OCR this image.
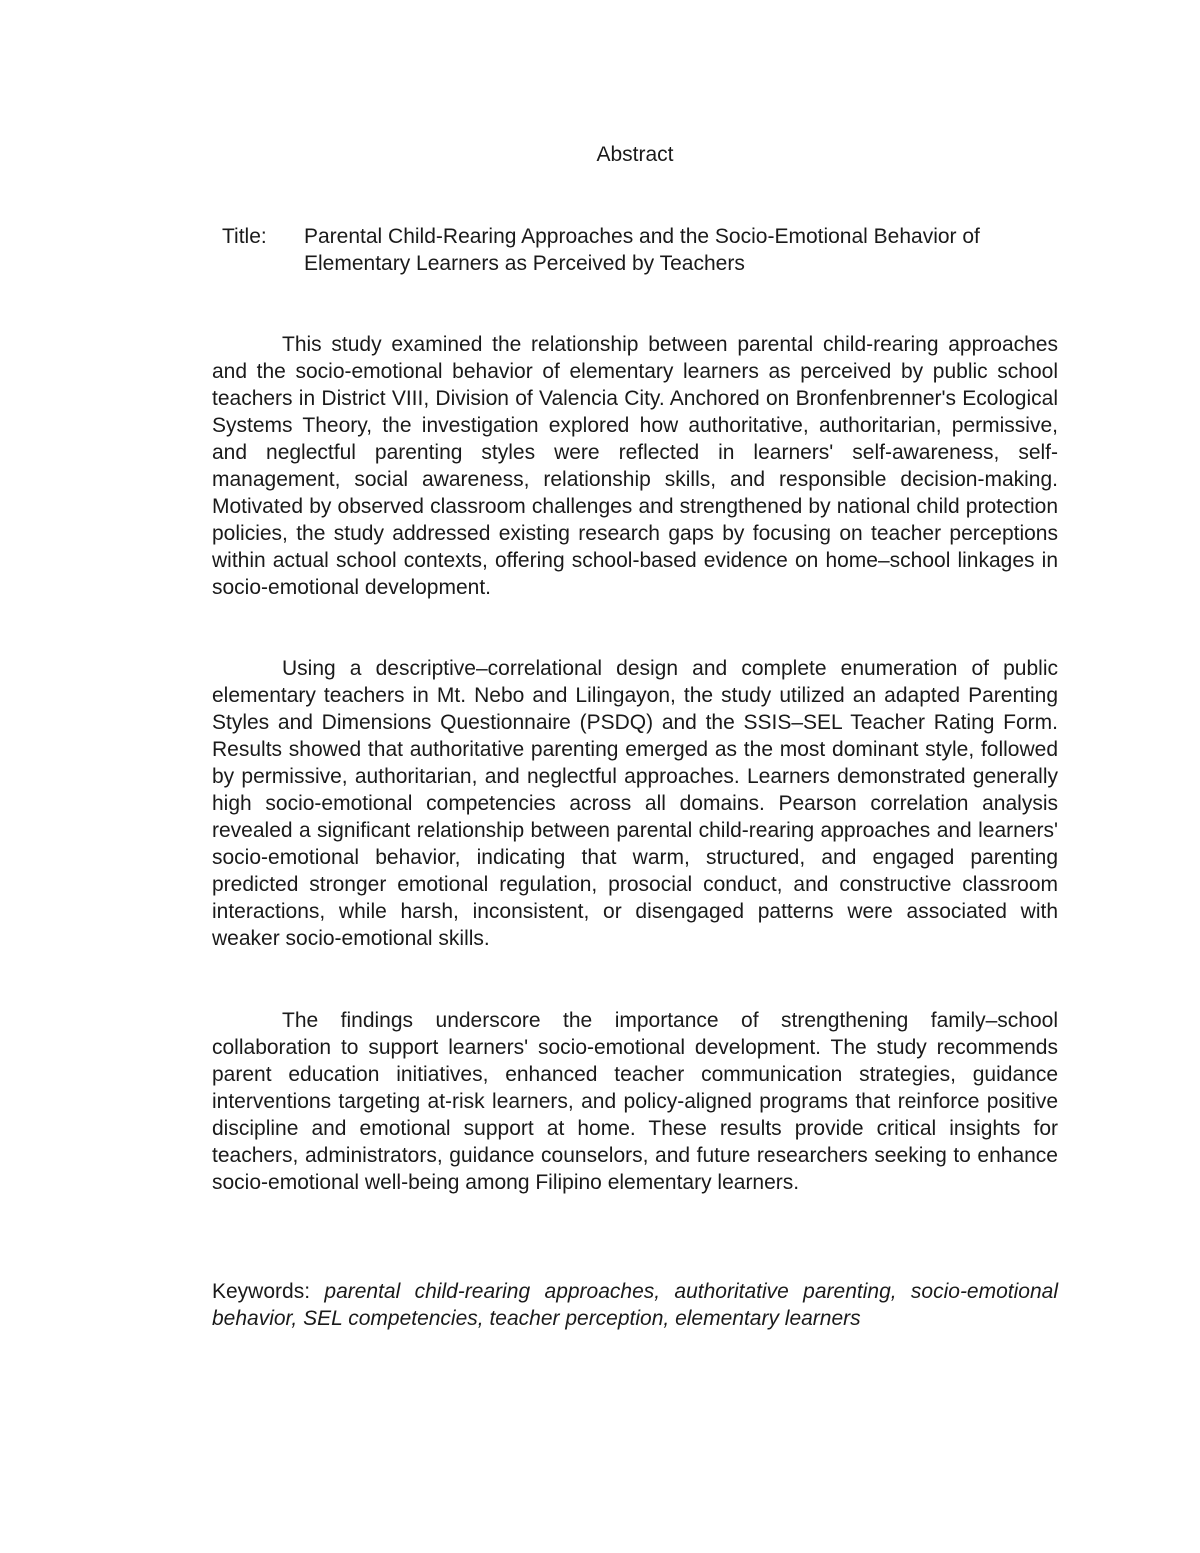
Abstract
Title: Parental Child-Rearing Approaches and the Socio-Emotional Behavior of Elementary Learners as Perceived by Teachers

This study examined the relationship between parental child-rearing approaches and the socio-emotional behavior of elementary learners as perceived by public school teachers in District VIII, Division of Valencia City. Anchored on Bronfenbrenner's Ecological Systems Theory, the investigation explored how authoritative, authoritarian, permissive, and neglectful parenting styles were reflected in learners' self-awareness, self-management, social awareness, relationship skills, and responsible decision-making. Motivated by observed classroom challenges and strengthened by national child protection policies, the study addressed existing research gaps by focusing on teacher perceptions within actual school contexts, offering school-based evidence on home–school linkages in socio-emotional development.

Using a descriptive–correlational design and complete enumeration of public elementary teachers in Mt. Nebo and Lilingayon, the study utilized an adapted Parenting Styles and Dimensions Questionnaire (PSDQ) and the SSIS–SEL Teacher Rating Form. Results showed that authoritative parenting emerged as the most dominant style, followed by permissive, authoritarian, and neglectful approaches. Learners demonstrated generally high socio-emotional competencies across all domains. Pearson correlation analysis revealed a significant relationship between parental child-rearing approaches and learners' socio-emotional behavior, indicating that warm, structured, and engaged parenting predicted stronger emotional regulation, prosocial conduct, and constructive classroom interactions, while harsh, inconsistent, or disengaged patterns were associated with weaker socio-emotional skills.

The findings underscore the importance of strengthening family–school collaboration to support learners' socio-emotional development. The study recommends parent education initiatives, enhanced teacher communication strategies, guidance interventions targeting at-risk learners, and policy-aligned programs that reinforce positive discipline and emotional support at home. These results provide critical insights for teachers, administrators, guidance counselors, and future researchers seeking to enhance socio-emotional well-being among Filipino elementary learners.

Keywords: parental child-rearing approaches, authoritative parenting, socio-emotional behavior, SEL competencies, teacher perception, elementary learners
